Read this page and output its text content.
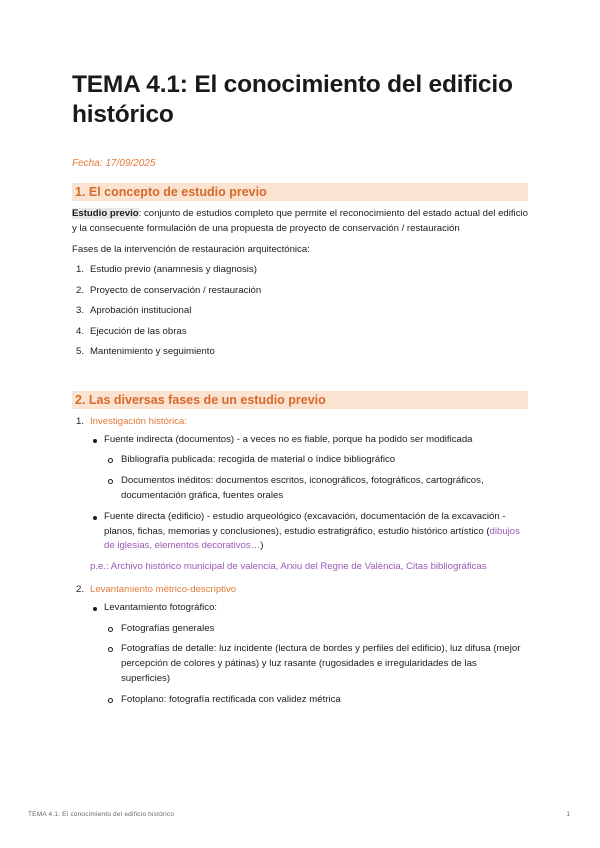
TEMA 4.1: El conocimiento del edificio histórico
Fecha: 17/09/2025
1. El concepto de estudio previo
Estudio previo: conjunto de estudios completo que permite el reconocimiento del estado actual del edificio y la consecuente formulación de una propuesta de proyecto de conservación / restauración
Fases de la intervención de restauración arquitectónica:
1. Estudio previo (anamnesis y diagnosis)
2. Proyecto de conservación / restauración
3. Aprobación institucional
4. Ejecución de las obras
5. Mantenimiento y seguimiento
2. Las diversas fases de un estudio previo
1. Investigación histórica:
Fuente indirecta (documentos) - a veces no es fiable, porque ha podido ser modificada
Bibliografía publicada: recogida de material o índice bibliográfico
Documentos inéditos: documentos escritos, iconográficos, fotográficos, cartográficos, documentación gráfica, fuentes orales
Fuente directa (edificio) - estudio arqueológico (excavación, documentación de la excavación - planos, fichas, memorias y conclusiones), estudio estratigráfico, estudio histórico artístico (dibujos de iglesias, elementos decorativos…)
p.e.: Archivo histórico municipal de valencia, Arxiu del Regne de València, Citas bibliográficas
2. Levantamiento métrico-descriptivo
Levantamiento fotográfico:
Fotografías generales
Fotografías de detalle: luz incidente (lectura de bordes y perfiles del edificio), luz difusa (mejor percepción de colores y pátinas) y luz rasante (rugosidades e irregularidades de las superficies)
Fotoplano: fotografía rectificada con validez métrica
TEMA 4.1: El conocimiento del edificio histórico	1
